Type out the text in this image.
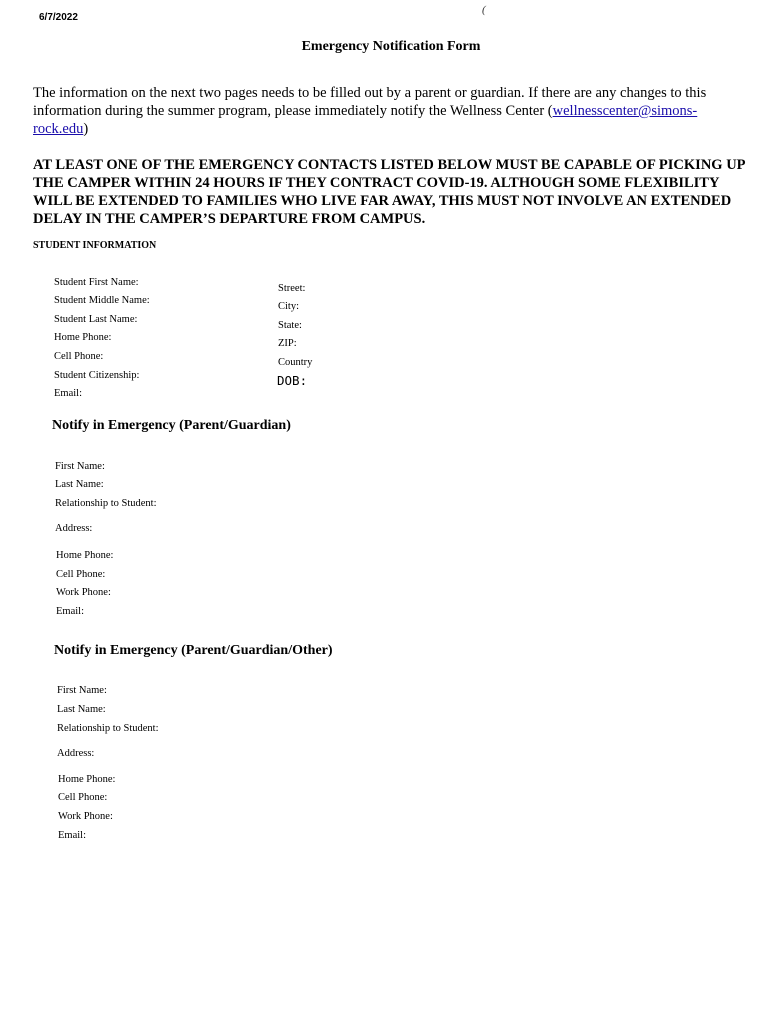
6/7/2022
(
Emergency Notification Form
The information on the next two pages needs to be filled out by a parent or guardian. If there are any changes to this information during the summer program, please immediately notify the Wellness Center (wellnesscenter@simons-rock.edu)
AT LEAST ONE OF THE EMERGENCY CONTACTS LISTED BELOW MUST BE CAPABLE OF PICKING UP THE CAMPER WITHIN 24 HOURS IF THEY CONTRACT COVID-19. ALTHOUGH SOME FLEXIBILITY WILL BE EXTENDED TO FAMILIES WHO LIVE FAR AWAY, THIS MUST NOT INVOLVE AN EXTENDED DELAY IN THE CAMPER’S DEPARTURE FROM CAMPUS.
STUDENT INFORMATION
Student First Name:
Student Middle Name:
Student Last Name:
Home Phone:
Cell Phone:
Student Citizenship:
Email:
Street:
City:
State:
ZIP:
Country
DOB:
Notify in Emergency (Parent/Guardian)
First Name:
Last Name:
Relationship to Student:
Address:
Home Phone:
Cell Phone:
Work Phone:
Email:
Notify in Emergency (Parent/Guardian/Other)
First Name:
Last Name:
Relationship to Student:
Address:
Home Phone:
Cell Phone:
Work Phone:
Email:
